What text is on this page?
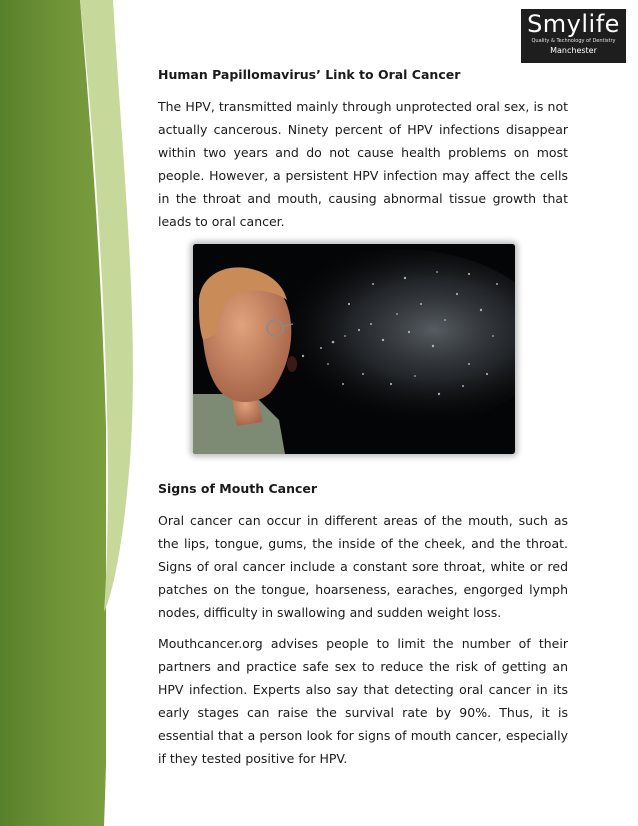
Smylife
Quality & Technology of Dentistry
Manchester
Human Papillomavirus’ Link to Oral Cancer

The HPV, transmitted mainly through unprotected oral sex, is not actually cancerous. Ninety percent of HPV infections disappear within two years and do not cause health problems on most people. However, a persistent HPV infection may affect the cells in the throat and mouth, causing abnormal tissue growth that leads to oral cancer.

Signs of Mouth Cancer

Oral cancer can occur in different areas of the mouth, such as the lips, tongue, gums, the inside of the cheek, and the throat. Signs of oral cancer include a constant sore throat, white or red patches on the tongue, hoarseness, earaches, engorged lymph nodes, difficulty in swallowing and sudden weight loss.

Mouthcancer.org advises people to limit the number of their partners and practice safe sex to reduce the risk of getting an HPV infection. Experts also say that detecting oral cancer in its early stages can raise the survival rate by 90%. Thus, it is essential that a person look for signs of mouth cancer, especially if they tested positive for HPV.
